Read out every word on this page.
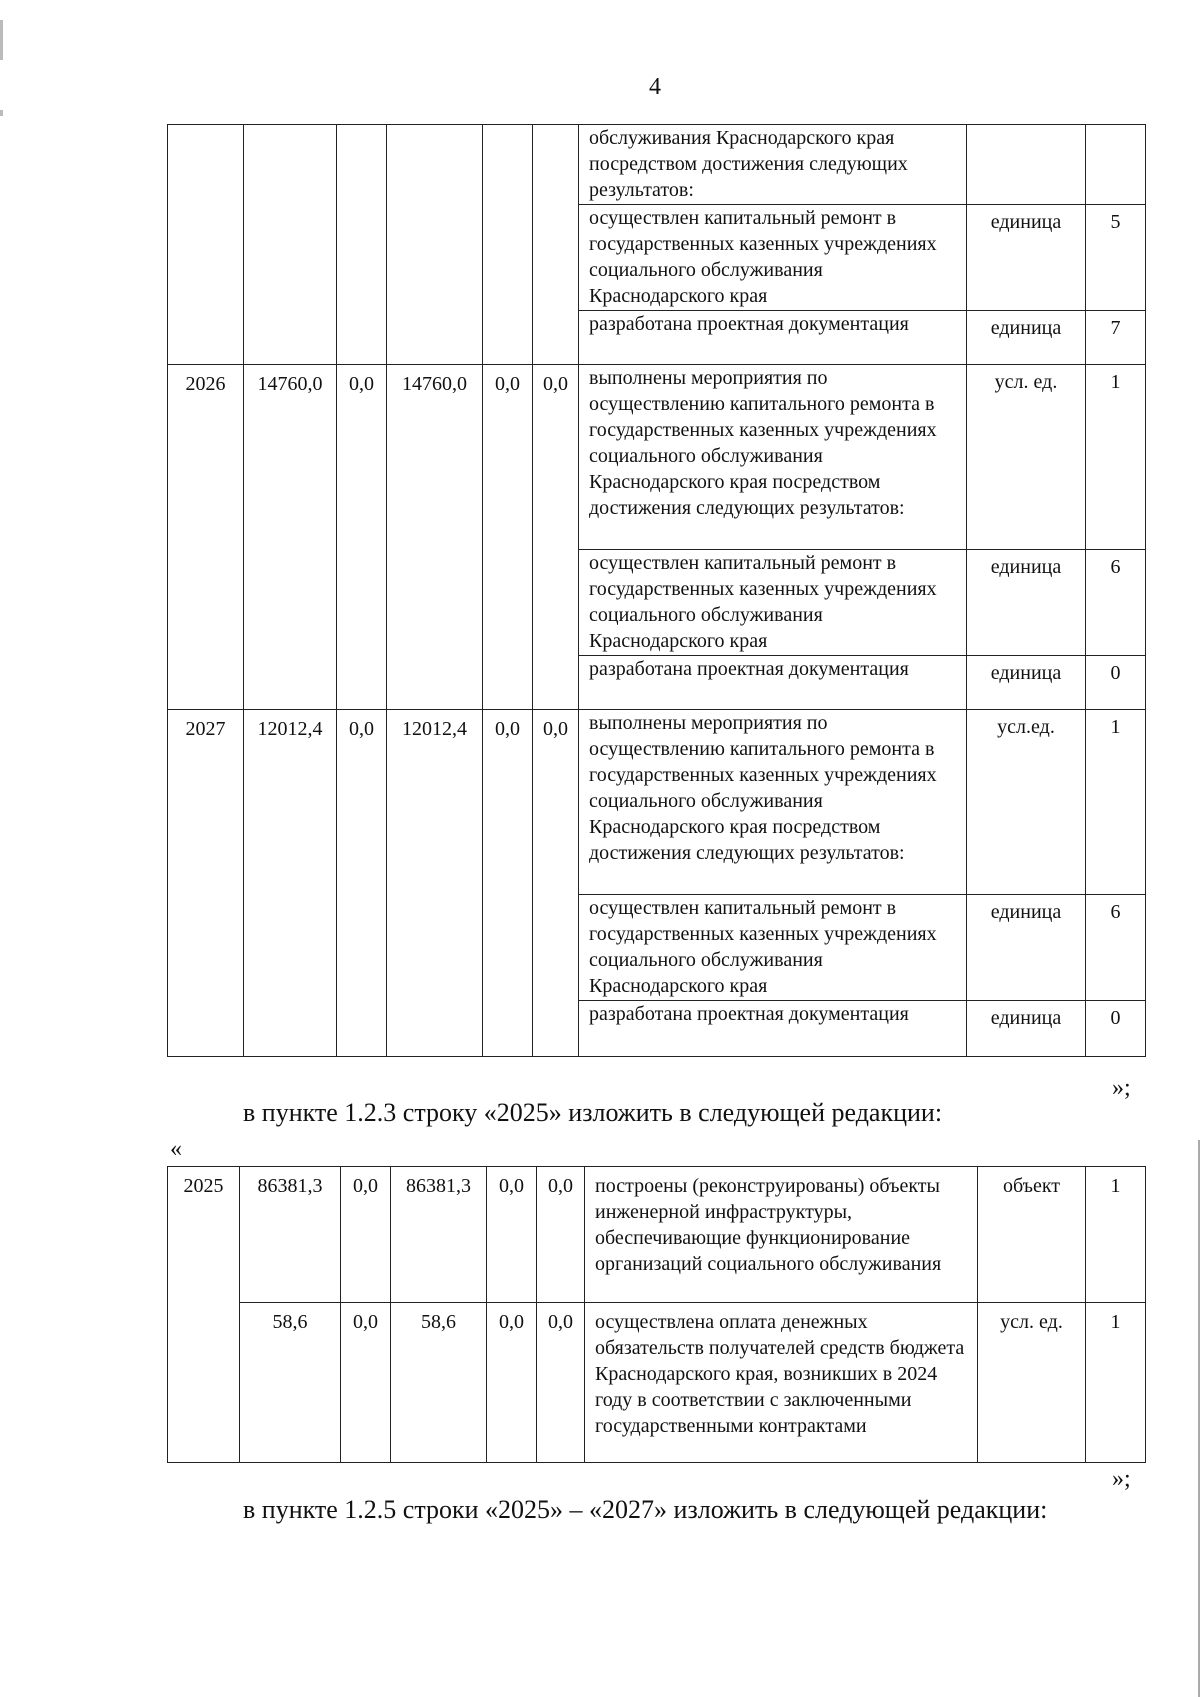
4
						обслуживания Краснодарского края посредством достижения следующих результатов:		
						осуществлен капитальный ремонт в государственных казенных учреждениях социального обслуживания Краснодарского края	единица	5
						разработана проектная документация	единица	7
2026	14760,0	0,0	14760,0	0,0	0,0	выполнены мероприятия по осуществлению капитального ремонта в государственных казенных учреждениях социального обслуживания Краснодарского края посредством достижения следующих результатов:	усл. ед.	1
						осуществлен капитальный ремонт в государственных казенных учреждениях социального обслуживания Краснодарского края	единица	6
						разработана проектная документация	единица	0
2027	12012,4	0,0	12012,4	0,0	0,0	выполнены мероприятия по осуществлению капитального ремонта в государственных казенных учреждениях социального обслуживания Краснодарского края посредством достижения следующих результатов:	усл.ед.	1
						осуществлен капитальный ремонт в государственных казенных учреждениях социального обслуживания Краснодарского края	единица	6
						разработана проектная документация	единица	0
»;
в пункте 1.2.3 строку «2025» изложить в следующей редакции:
«
2025	86381,3	0,0	86381,3	0,0	0,0	построены (реконструированы) объекты инженерной инфраструктуры, обеспечивающие функционирование организаций социального обслуживания	объект	1
	58,6	0,0	58,6	0,0	0,0	осуществлена оплата денежных обязательств получателей средств бюджета Краснодарского края, возникших в 2024 году в соответствии с заключенными государственными контрактами	усл. ед.	1
»;
в пункте 1.2.5 строки «2025» – «2027» изложить в следующей редакции:
